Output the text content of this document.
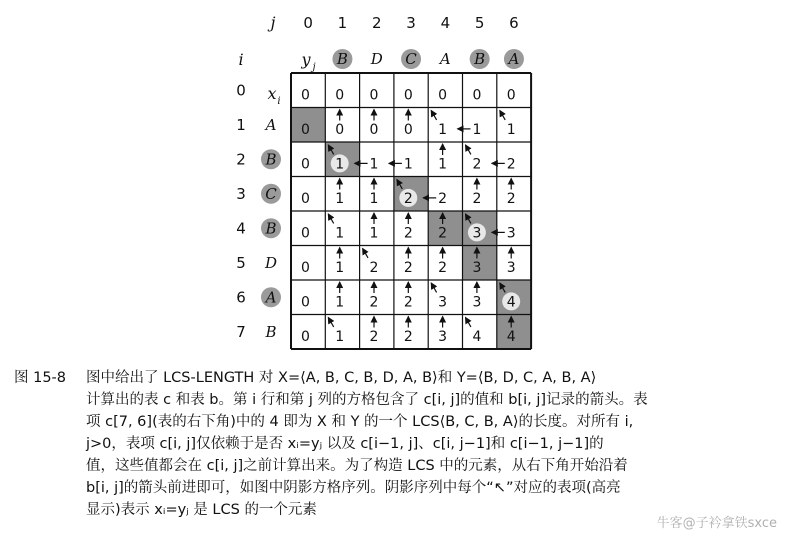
j
i	y j
x i
0 1 2 3 4 5 6
0
1
2
3
4
5
6
7
B D C A B A
A
B
C
B
D
A
B
0 0 0 0 0 0 0
0 0 0 0 1 1 1
0 1 1 1 1 2 2
0 1 1 2 2 2 2
0 1 1 2 2 3 3
0 1 2 2 2 3 3
0 1 2 2 3 3 4
0 1 2 2 3 4 4
图 15-8 图中给出了 LCS-LENGTH 对 X=⟨A, B, C, B, D, A, B⟩和 Y=⟨B, D, C, A, B, A⟩
计算出的表 c 和表 b。第 i 行和第 j 列的方格包含了 c[i, j]的值和 b[i, j]记录的箭头。表
项 c[7, 6](表的右下角)中的 4 即为 X 和 Y 的一个 LCS⟨B, C, B, A⟩的长度。对所有 i,
j>0，表项 c[i, j]仅依赖于是否 xᵢ=yⱼ 以及 c[i−1, j]、c[i, j−1]和 c[i−1, j−1]的
值，这些值都会在 c[i, j]之前计算出来。为了构造 LCS 中的元素，从右下角开始沿着
b[i, j]的箭头前进即可，如图中阴影方格序列。阴影序列中每个“↖”对应的表项(高亮
显示)表示 xᵢ=yⱼ 是 LCS 的一个元素
牛客@子衿拿铁sxce
